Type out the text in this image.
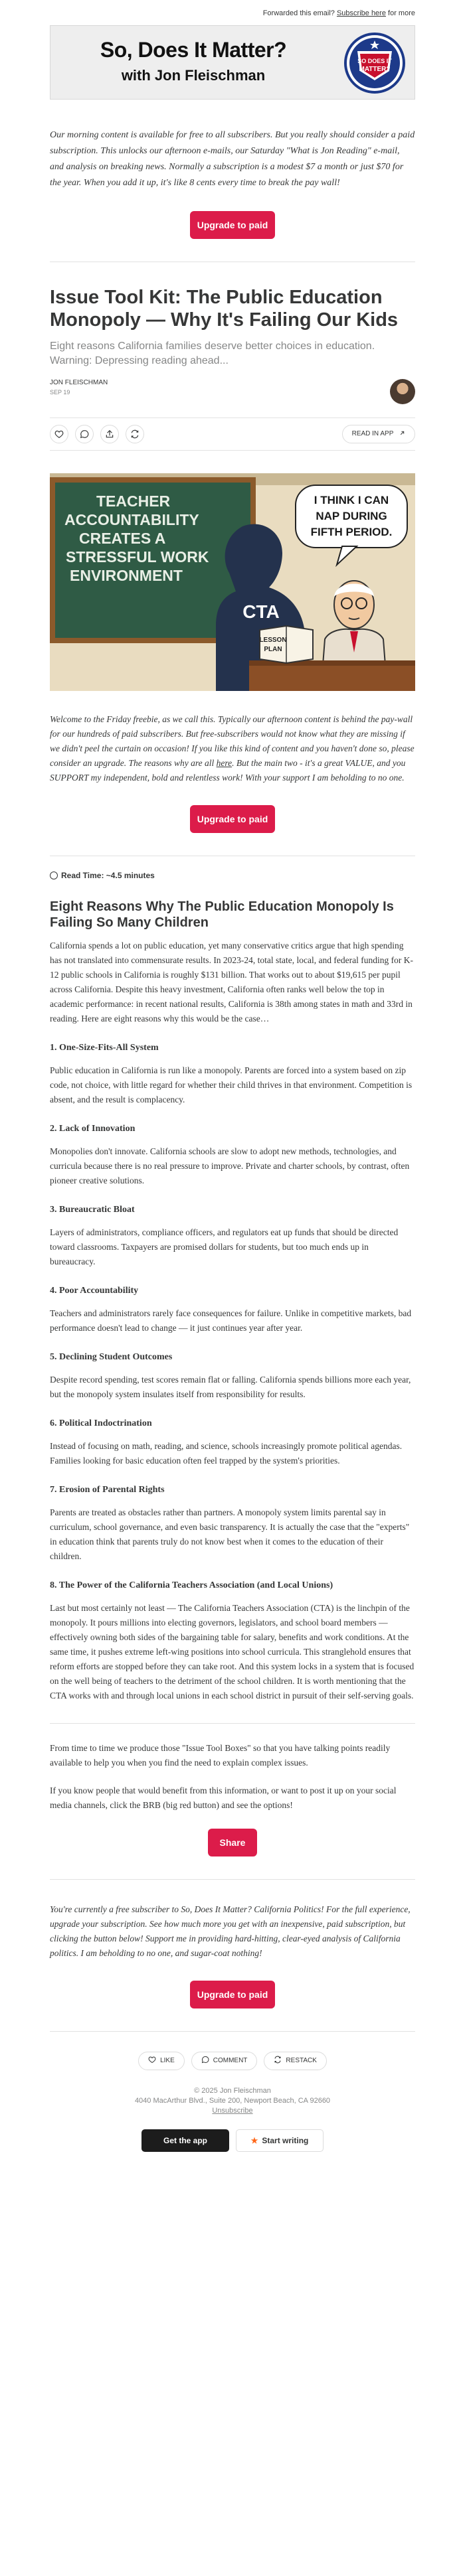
Forwarded this email? Subscribe here for more
So, Does It Matter?
with Jon Fleischman
SO DOES IT
MATTER?
Our morning content is available for free to all subscribers. But you really should consider a paid subscription. This unlocks our afternoon e-mails, our Saturday "What is Jon Reading" e-mail, and analysis on breaking news. Normally a subscription is a modest $7 a month or just $70 for the year. When you add it up, it's like 8 cents every time to break the pay wall!
Upgrade to paid
Issue Tool Kit: The Public Education Monopoly — Why It's Failing Our Kids
Eight reasons California families deserve better choices in education. Warning: Depressing reading ahead...
JON FLEISCHMAN
SEP 19
READ IN APP
TEACHER
ACCOUNTABILITY
CREATES A
STRESSFUL WORK
ENVIRONMENT
CTA
I THINK I CAN
NAP DURING
FIFTH PERIOD.
LESSON
PLAN
Welcome to the Friday freebie, as we call this. Typically our afternoon content is behind the pay-wall for our hundreds of paid subscribers. But free-subscribers would not know what they are missing if we didn't peel the curtain on occasion! If you like this kind of content and you haven't done so, please consider an upgrade. The reasons why are all here. But the main two - it's a great VALUE, and you SUPPORT my independent, bold and relentless work! With your support I am beholding to no one.
Upgrade to paid
Read Time: ~4.5 minutes
Eight Reasons Why The Public Education Monopoly Is Failing So Many Children

California spends a lot on public education, yet many conservative critics argue that high spending has not translated into commensurate results. In 2023-24, total state, local, and federal funding for K-12 public schools in California is roughly $131 billion. That works out to about $19,615 per pupil across California. Despite this heavy investment, California often ranks well below the top in academic performance: in recent national results, California is 38th among states in math and 33rd in reading. Here are eight reasons why this would be the case…

1. One-Size-Fits-All System

Public education in California is run like a monopoly. Parents are forced into a system based on zip code, not choice, with little regard for whether their child thrives in that environment. Competition is absent, and the result is complacency.

2. Lack of Innovation

Monopolies don't innovate. California schools are slow to adopt new methods, technologies, and curricula because there is no real pressure to improve. Private and charter schools, by contrast, often pioneer creative solutions.

3. Bureaucratic Bloat

Layers of administrators, compliance officers, and regulators eat up funds that should be directed toward classrooms. Taxpayers are promised dollars for students, but too much ends up in bureaucracy.

4. Poor Accountability

Teachers and administrators rarely face consequences for failure. Unlike in competitive markets, bad performance doesn't lead to change — it just continues year after year.

5. Declining Student Outcomes

Despite record spending, test scores remain flat or falling. California spends billions more each year, but the monopoly system insulates itself from responsibility for results.

6. Political Indoctrination

Instead of focusing on math, reading, and science, schools increasingly promote political agendas. Families looking for basic education often feel trapped by the system's priorities.

7. Erosion of Parental Rights

Parents are treated as obstacles rather than partners. A monopoly system limits parental say in curriculum, school governance, and even basic transparency. It is actually the case that the "experts" in education think that parents truly do not know best when it comes to the education of their children.

8. The Power of the California Teachers Association (and Local Unions)

Last but most certainly not least — The California Teachers Association (CTA) is the linchpin of the monopoly. It pours millions into electing governors, legislators, and school board members — effectively owning both sides of the bargaining table for salary, benefits and work conditions. At the same time, it pushes extreme left-wing positions into school curricula. This stranglehold ensures that reform efforts are stopped before they can take root. And this system locks in a system that is focused on the well being of teachers to the detriment of the school children. It is worth mentioning that the CTA works with and through local unions in each school district in pursuit of their self-serving goals.

From time to time we produce those "Issue Tool Boxes" so that you have talking points readily available to help you when you find the need to explain complex issues.

If you know people that would benefit from this information, or want to post it up on your social media channels, click the BRB (big red button) and see the options!

Share
You're currently a free subscriber to So, Does It Matter? California Politics! For the full experience, upgrade your subscription. See how much more you get with an inexpensive, paid subscription, but clicking the button below! Support me in providing hard-hitting, clear-eyed analysis of California politics. I am beholding to no one, and sugar-coat nothing!
Upgrade to paid
LIKE	COMMENT	RESTACK
© 2025 Jon Fleischman
4040 MacArthur Blvd., Suite 200, Newport Beach, CA 92660
Unsubscribe
Get the app	★ Start writing
